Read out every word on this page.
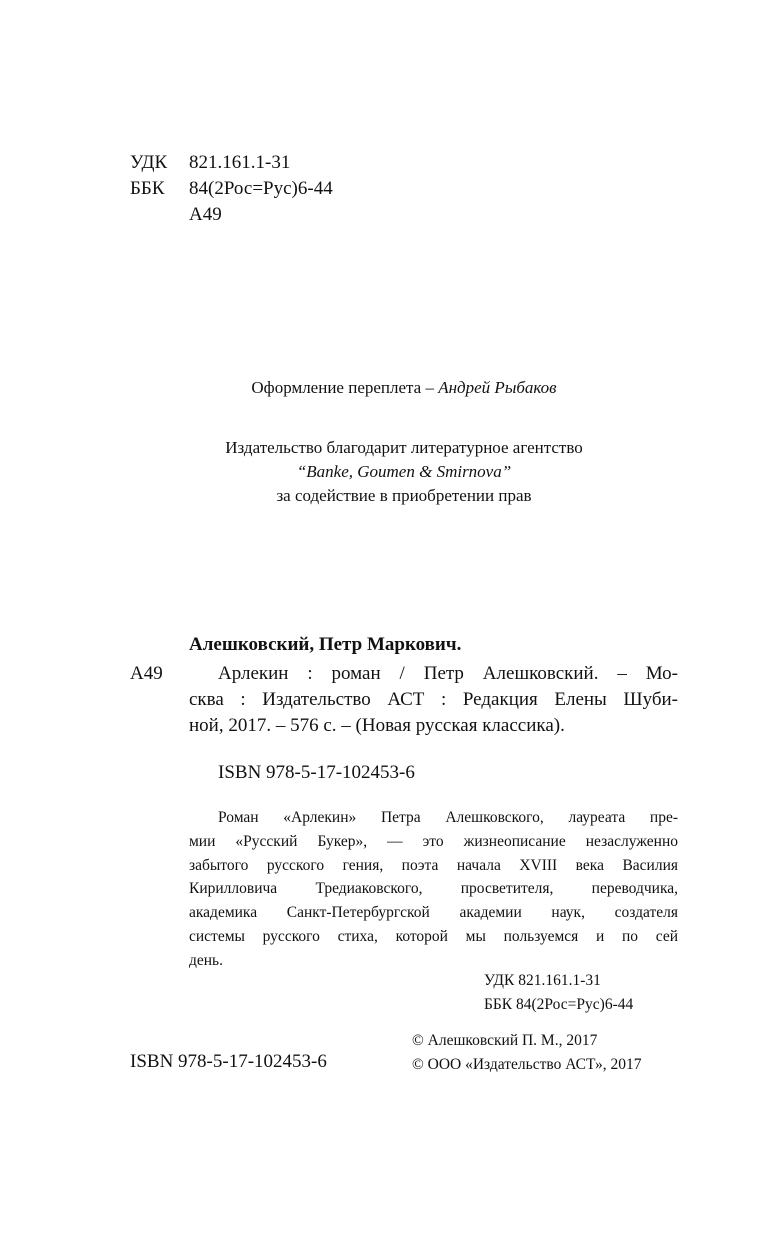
УДК 821.161.1-31
ББК 84(2Рос=Рус)6-44
А49
Оформление переплета – Андрей Рыбаков
Издательство благодарит литературное агентство
“Banke, Goumen & Smirnova”
за содействие в приобретении прав
Алешковский, Петр Маркович.
А49	Арлекин : роман / Петр Алешковский. – Мо-
сква : Издательство АСТ : Редакция Елены Шуби-
ной, 2017. – 576 с. – (Новая русская классика).
ISBN 978-5-17-102453-6
Роман «Арлекин» Петра Алешковского, лауреата пре-
мии «Русский Букер», — это жизнеописание незаслуженно
забытого русского гения, поэта начала XVIII века Василия
Кирилловича Тредиаковского, просветителя, переводчика,
академика Санкт-Петербургской академии наук, создателя
системы русского стиха, которой мы пользуемся и по сей
день.
УДК 821.161.1-31
ББК 84(2Рос=Рус)6-44
© Алешковский П. М., 2017
ISBN 978-5-17-102453-6	© ООО «Издательство АСТ», 2017
